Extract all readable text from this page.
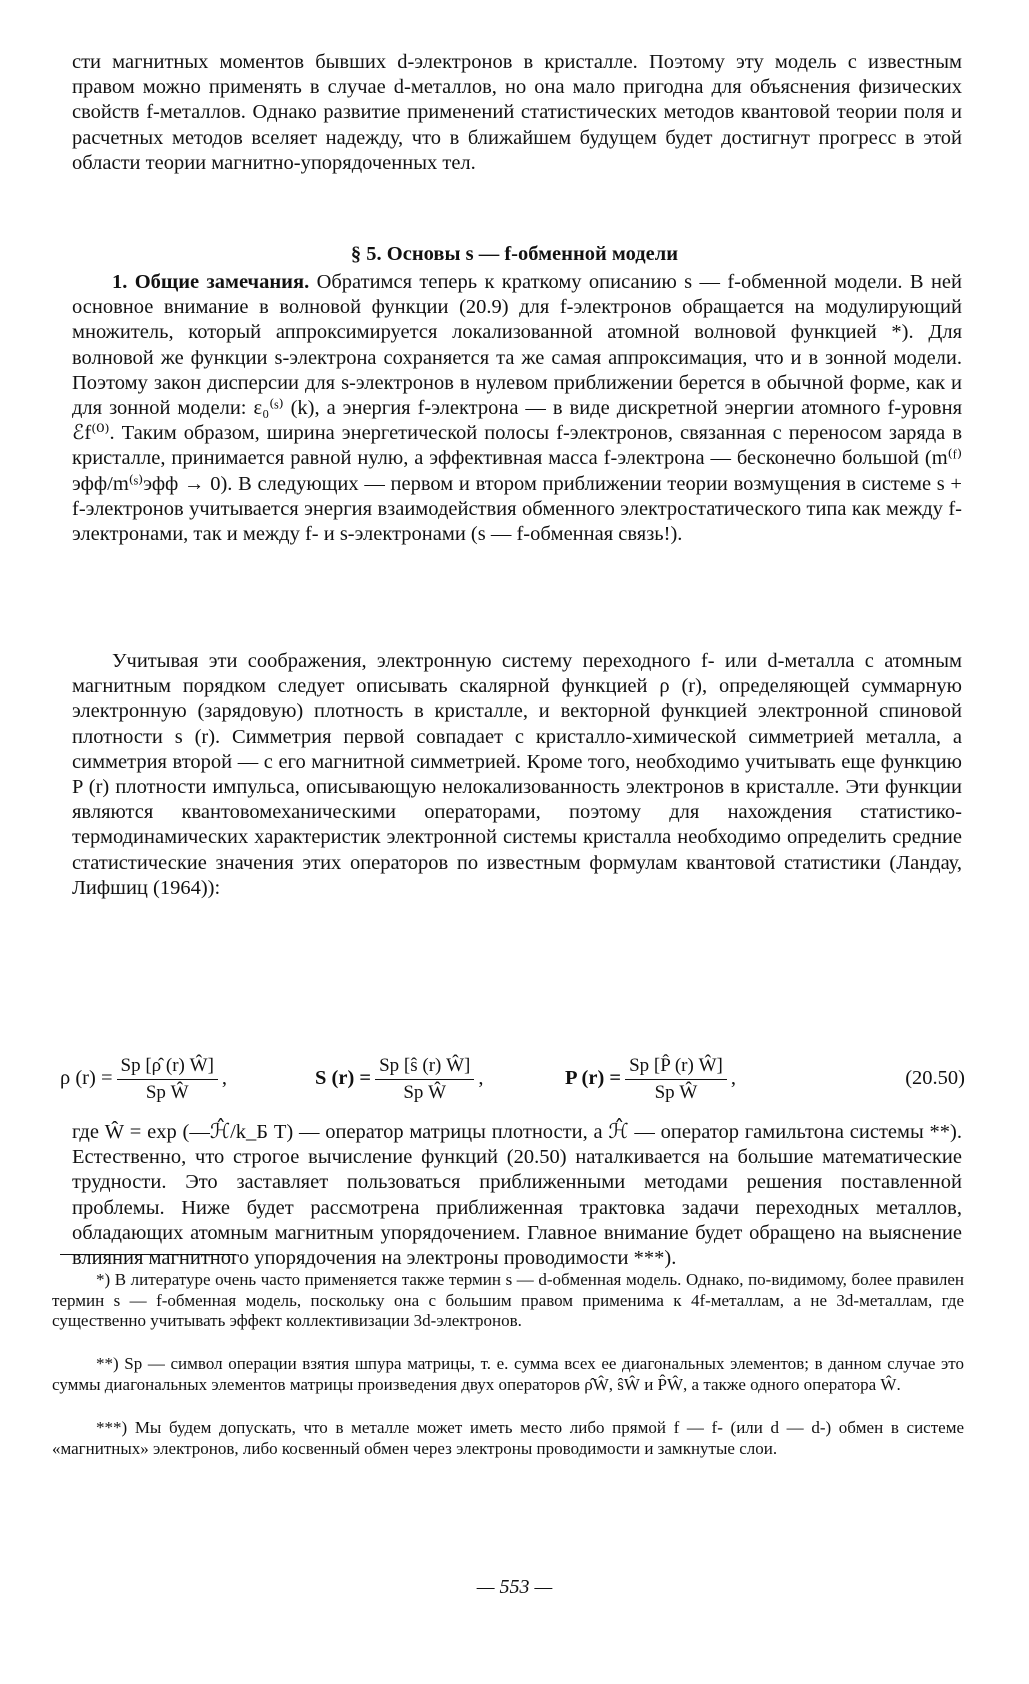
сти магнитных моментов бывших d-электронов в кристалле. Поэтому эту модель с известным правом можно применять в случае d-металлов, но она мало пригодна для объяснения физических свойств f-металлов. Однако развитие применений статистических методов квантовой теории поля и расчетных методов вселяет надежду, что в ближайшем будущем будет достигнут прогресс в этой области теории магнитно-упорядоченных тел.

§ 5. Основы s — f-обменной модели

1. Общие замечания. Обратимся теперь к краткому описанию s — f-обменной модели. В ней основное внимание в волновой функции (20.9) для f-электронов обращается на модулирующий множитель, который аппроксимируется локализованной атомной волновой функцией *). Для волновой же функции s-электрона сохраняется та же самая аппроксимация, что и в зонной модели. Поэтому закон дисперсии для s-электронов в нулевом приближении берется в обычной форме, как и для зонной модели: ε₀⁽ˢ⁾ (k), а энергия f-электрона — в виде дискретной энергии атомного f-уровня ℰf⁽⁰⁾. Таким образом, ширина энергетической полосы f-электронов, связанная с переносом заряда в кристалле, принимается равной нулю, а эффективная масса f-электрона — бесконечно большой (m⁽ᶠ⁾эфф/m⁽ˢ⁾эфф → 0). В следующих — первом и втором приближении теории возмущения в системе s + f-электронов учитывается энергия взаимодействия обменного электростатического типа как между f-электронами, так и между f- и s-электронами (s — f-обменная связь!).

Учитывая эти соображения, электронную систему переходного f- или d-металла с атомным магнитным порядком следует описывать скалярной функцией ρ (r), определяющей суммарную электронную (зарядовую) плотность в кристалле, и векторной функцией электронной спиновой плотности s (r). Симметрия первой совпадает с кристалло-химической симметрией металла, а симметрия второй — с его магнитной симметрией. Кроме того, необходимо учитывать еще функцию P (r) плотности импульса, описывающую нелокализованность электронов в кристалле. Эти функции являются квантовомеханическими операторами, поэтому для нахождения статистико-термодинамических характеристик электронной системы кристалла необходимо определить средние статистические значения этих операторов по известным формулам квантовой статистики (Ландау, Лифшиц (1964)):

ρ $(r) = \frac{Sp [\rhô (r) Ŵ]}{\text{Sp Ŵ}}$ ,	S $(r) = \frac{Sp [ŝ (r) Ŵ]}{\text{Sp Ŵ}}$ ,	P $(r) = \frac{Sp [P̂ (r) Ŵ]}{\text{Sp Ŵ}}$ ,	(20.50)

где Ŵ = exp (—ℋ̂/k_Б T) — оператор матрицы плотности, а ℋ̂ — оператор гамильтона системы **). Естественно, что строгое вычисление функций (20.50) наталкивается на большие математические трудности. Это заставляет пользоваться приближенными методами решения поставленной проблемы. Ниже будет рассмотрена приближенная трактовка задачи переходных металлов, обладающих атомным магнитным упорядочением. Главное внимание будет обращено на выяснение влияния магнитного упорядочения на электроны проводимости ***).

*) В литературе очень часто применяется также термин s — d-обменная модель. Однако, по-видимому, более правилен термин s — f-обменная модель, поскольку она с большим правом применима к 4f-металлам, а не 3d-металлам, где существенно учитывать эффект коллективизации 3d-электронов.

**) Sp — символ операции взятия шпура матрицы, т. е. сумма всех ее диагональных элементов; в данном случае это суммы диагональных элементов матрицы произведения двух операторов ρ̂Ŵ, ŝŴ и P̂Ŵ, а также одного оператора Ŵ.

***) Мы будем допускать, что в металле может иметь место либо прямой f — f- (или d — d-) обмен в системе «магнитных» электронов, либо косвенный обмен через электроны проводимости и замкнутые слои.

— 553 —
